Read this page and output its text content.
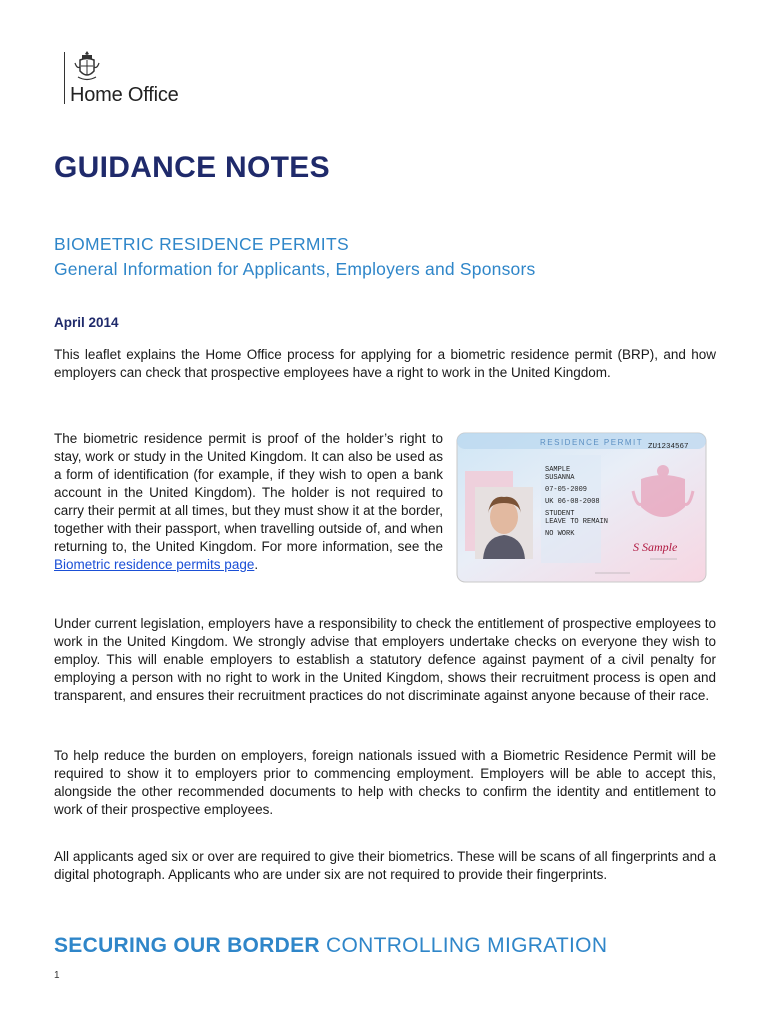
Home Office
GUIDANCE NOTES
BIOMETRIC RESIDENCE PERMITS
General Information for Applicants, Employers and Sponsors
April 2014

This leaflet explains the Home Office process for applying for a biometric residence permit (BRP), and how employers can check that prospective employees have a right to work in the United Kingdom.

The biometric residence permit is proof of the holder’s right to stay, work or study in the United Kingdom. It can also be used as a form of identification (for example, if they wish to open a bank account in the United Kingdom). The holder is not required to carry their permit at all times, but they must show it at the border, together with their passport, when travelling outside of, and when returning to, the United Kingdom. For more information, see the Biometric residence permits page.

RESIDENCE PERMIT ZU1234567
SAMPLE
SUSANNA
07-05-2009
UK 06-08-2008
STUDENT
LEAVE TO REMAIN
NO WORK
S Sample

Under current legislation, employers have a responsibility to check the entitlement of prospective employees to work in the United Kingdom. We strongly advise that employers undertake checks on everyone they wish to employ. This will enable employers to establish a statutory defence against payment of a civil penalty for employing a person with no right to work in the United Kingdom, shows their recruitment process is open and transparent, and ensures their recruitment practices do not discriminate against anyone because of their race.

To help reduce the burden on employers, foreign nationals issued with a Biometric Residence Permit will be required to show it to employers prior to commencing employment. Employers will be able to accept this, alongside the other recommended documents to help with checks to confirm the identity and entitlement to work of their prospective employees.

All applicants aged six or over are required to give their biometrics. These will be scans of all fingerprints and a digital photograph. Applicants who are under six are not required to provide their fingerprints.

SECURING OUR BORDER CONTROLLING MIGRATION
1
